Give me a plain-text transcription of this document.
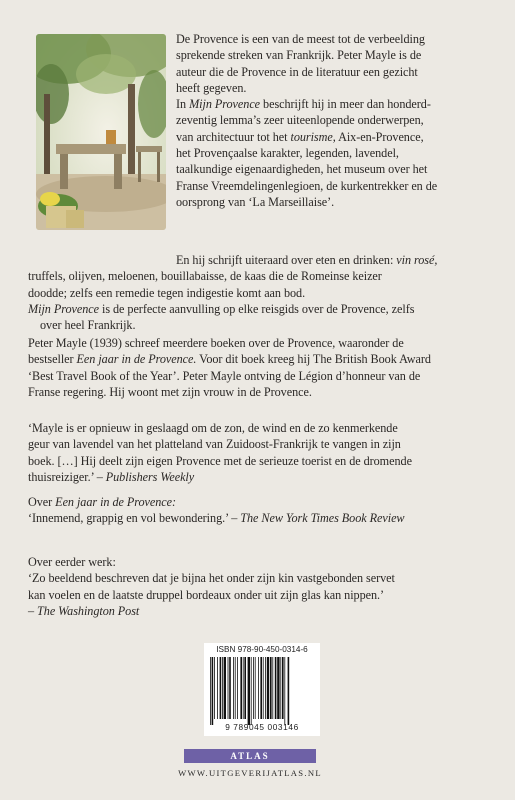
De Provence is een van de meest tot de verbeelding
sprekende streken van Frankrijk. Peter Mayle is de
auteur die de Provence in de literatuur een gezicht
heeft gegeven.
In Mijn Provence beschrijft hij in meer dan honderd-
zeventig lemma’s zeer uiteenlopende onderwerpen,
van architectuur tot het tourisme, Aix-en-Provence,
het Provençaalse karakter, legenden, lavendel,
taalkundige eigenaardigheden, het museum over het
Franse Vreemdelingenlegioen, de kurkentrekker en de
oorsprong van ‘La Marseillaise’.
En hij schrijft uiteraard over eten en drinken: vin rosé,
truffels, olijven, meloenen, bouillabaisse, de kaas die de Romeinse keizer
doodde; zelfs een remedie tegen indigestie komt aan bod.
Mijn Provence is de perfecte aanvulling op elke reisgids over de Provence, zelfs
over heel Frankrijk.
Peter Mayle (1939) schreef meerdere boeken over de Provence, waaronder de
bestseller Een jaar in de Provence. Voor dit boek kreeg hij The British Book Award
‘Best Travel Book of the Year’. Peter Mayle ontving de Légion d’honneur van de
Franse regering. Hij woont met zijn vrouw in de Provence.
‘Mayle is er opnieuw in geslaagd om de zon, de wind en de zo kenmerkende
geur van lavendel van het platteland van Zuidoost-Frankrijk te vangen in zijn
boek. […] Hij deelt zijn eigen Provence met de serieuze toerist en de dromende
thuisreiziger.’ – Publishers Weekly
Over Een jaar in de Provence:
‘Innemend, grappig en vol bewondering.’ – The New York Times Book Review
Over eerder werk:
‘Zo beeldend beschreven dat je bijna het onder zijn kin vastgebonden servet
kan voelen en de laatste druppel bordeaux onder uit zijn glas kan nippen.’
– The Washington Post
ISBN 978-90-450-0314-6
9 789045 003146
ATLAS
WWW.UITGEVERIJATLAS.NL
